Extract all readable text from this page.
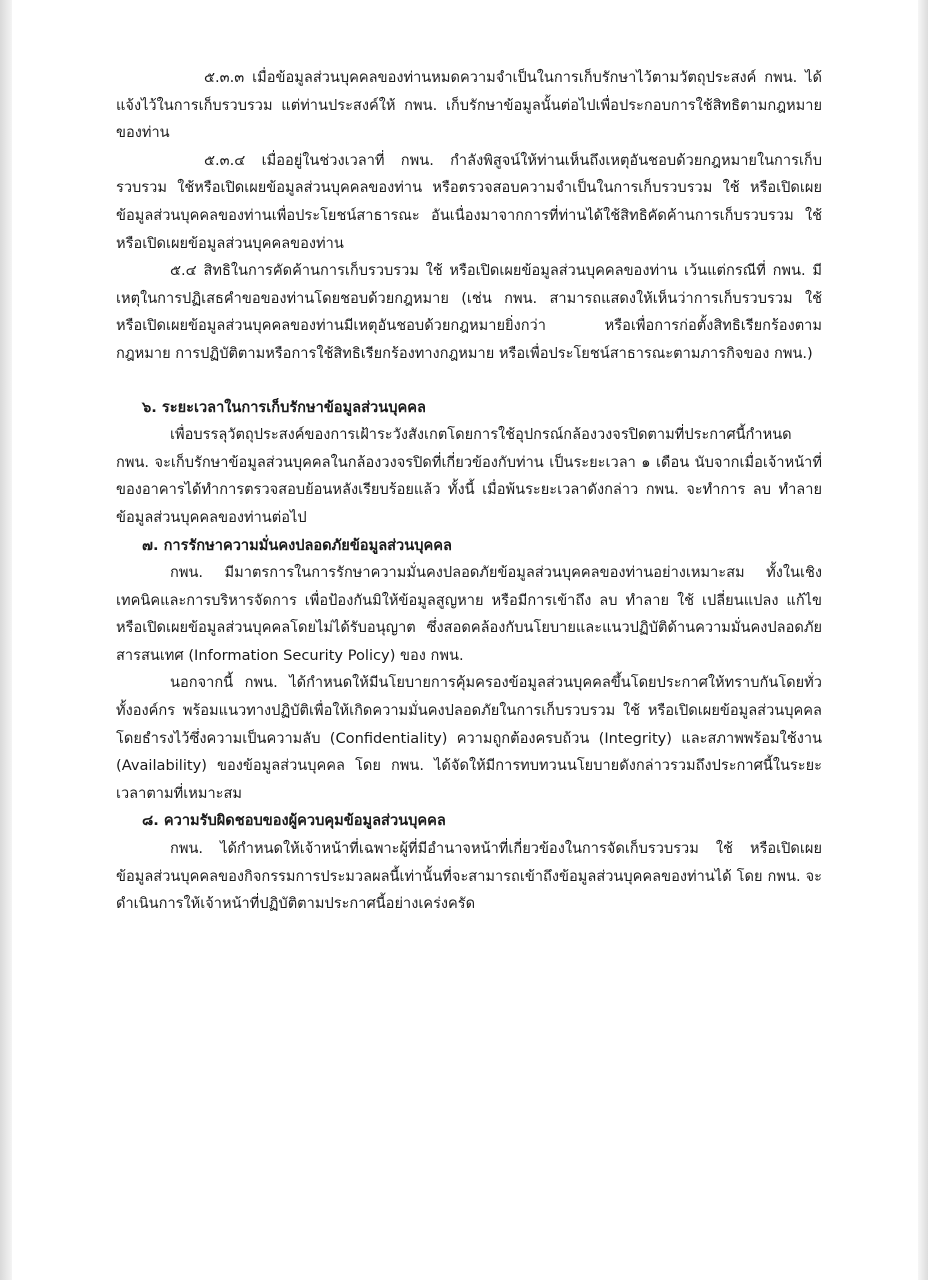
๕.๓.๓ เมื่อข้อมูลส่วนบุคคลของท่านหมดความจำเป็นในการเก็บรักษาไว้ตามวัตถุประสงค์ กพน. ได้แจ้งไว้ในการเก็บรวบรวม แต่ท่านประสงค์ให้ กพน. เก็บรักษาข้อมูลนั้นต่อไปเพื่อประกอบการใช้สิทธิตามกฎหมายของท่าน

๕.๓.๔ เมื่ออยู่ในช่วงเวลาที่ กพน. กำลังพิสูจน์ให้ท่านเห็นถึงเหตุอันชอบด้วยกฎหมายในการเก็บรวบรวม ใช้หรือเปิดเผยข้อมูลส่วนบุคคลของท่าน หรือตรวจสอบความจำเป็นในการเก็บรวบรวม ใช้ หรือเปิดเผยข้อมูลส่วนบุคคลของท่านเพื่อประโยชน์สาธารณะ อันเนื่องมาจากการที่ท่านได้ใช้สิทธิคัดค้านการเก็บรวบรวม ใช้ หรือเปิดเผยข้อมูลส่วนบุคคลของท่าน

๕.๔ สิทธิในการคัดค้านการเก็บรวบรวม ใช้ หรือเปิดเผยข้อมูลส่วนบุคคลของท่าน เว้นแต่กรณีที่ กพน. มีเหตุในการปฏิเสธคำขอของท่านโดยชอบด้วยกฎหมาย (เช่น กพน. สามารถแสดงให้เห็นว่าการเก็บรวบรวม ใช้ หรือเปิดเผยข้อมูลส่วนบุคคลของท่านมีเหตุอันชอบด้วยกฎหมายยิ่งกว่า หรือเพื่อการก่อตั้งสิทธิเรียกร้องตามกฎหมาย การปฏิบัติตามหรือการใช้สิทธิเรียกร้องทางกฎหมาย หรือเพื่อประโยชน์สาธารณะตามภารกิจของ กพน.)

๖. ระยะเวลาในการเก็บรักษาข้อมูลส่วนบุคคล

เพื่อบรรลุวัตถุประสงค์ของการเฝ้าระวังสังเกตโดยการใช้อุปกรณ์กล้องวงจรปิดตามที่ประกาศนี้กำหนด กพน. จะเก็บรักษาข้อมูลส่วนบุคคลในกล้องวงจรปิดที่เกี่ยวข้องกับท่าน เป็นระยะเวลา ๑ เดือน นับจากเมื่อเจ้าหน้าที่ของอาคารได้ทำการตรวจสอบย้อนหลังเรียบร้อยแล้ว ทั้งนี้ เมื่อพ้นระยะเวลาดังกล่าว กพน. จะทำการ ลบ ทำลายข้อมูลส่วนบุคคลของท่านต่อไป

๗. การรักษาความมั่นคงปลอดภัยข้อมูลส่วนบุคคล

กพน. มีมาตรการในการรักษาความมั่นคงปลอดภัยข้อมูลส่วนบุคคลของท่านอย่างเหมาะสม ทั้งในเชิงเทคนิคและการบริหารจัดการ เพื่อป้องกันมิให้ข้อมูลสูญหาย หรือมีการเข้าถึง ลบ ทำลาย ใช้ เปลี่ยนแปลง แก้ไข หรือเปิดเผยข้อมูลส่วนบุคคลโดยไม่ได้รับอนุญาต ซึ่งสอดคล้องกับนโยบายและแนวปฏิบัติด้านความมั่นคงปลอดภัยสารสนเทศ (Information Security Policy) ของ กพน.

นอกจากนี้ กพน. ได้กำหนดให้มีนโยบายการคุ้มครองข้อมูลส่วนบุคคลขึ้นโดยประกาศให้ทราบกันโดยทั่วทั้งองค์กร พร้อมแนวทางปฏิบัติเพื่อให้เกิดความมั่นคงปลอดภัยในการเก็บรวบรวม ใช้ หรือเปิดเผยข้อมูลส่วนบุคคล โดยธำรงไว้ซึ่งความเป็นความลับ (Confidentiality) ความถูกต้องครบถ้วน (Integrity) และสภาพพร้อมใช้งาน (Availability) ของข้อมูลส่วนบุคคล โดย กพน. ได้จัดให้มีการทบทวนนโยบายดังกล่าวรวมถึงประกาศนี้ในระยะเวลาตามที่เหมาะสม

๘. ความรับผิดชอบของผู้ควบคุมข้อมูลส่วนบุคคล

กพน. ได้กำหนดให้เจ้าหน้าที่เฉพาะผู้ที่มีอำนาจหน้าที่เกี่ยวข้องในการจัดเก็บรวบรวม ใช้ หรือเปิดเผยข้อมูลส่วนบุคคลของกิจกรรมการประมวลผลนี้เท่านั้นที่จะสามารถเข้าถึงข้อมูลส่วนบุคคลของท่านได้ โดย กพน. จะดำเนินการให้เจ้าหน้าที่ปฏิบัติตามประกาศนี้อย่างเคร่งครัด
